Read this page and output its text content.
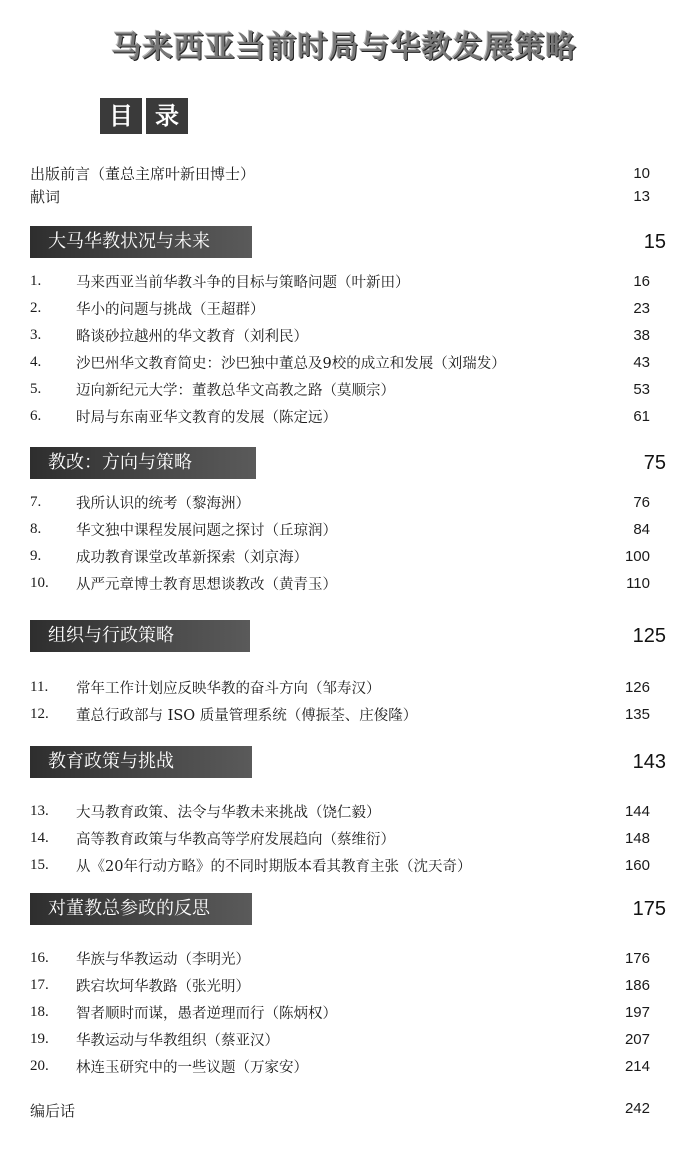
马来西亚当前时局与华教发展策略
目 录
出版前言（董总主席叶新田博士）	10
献词	13
大马华教状况与未来	15
1.	马来西亚当前华教斗争的目标与策略问题（叶新田）	16
2.	华小的问题与挑战（王超群）	23
3.	略谈砂拉越州的华文教育（刘利民）	38
4.	沙巴州华文教育简史：沙巴独中董总及9校的成立和发展（刘瑞发）	43
5.	迈向新纪元大学：董教总华文高教之路（莫顺宗）	53
6.	时局与东南亚华文教育的发展（陈定远）	61
教改：方向与策略	75
7.	我所认识的统考（黎海洲）	76
8.	华文独中课程发展问题之探讨（丘琼润）	84
9.	成功教育课堂改革新探索（刘京海）	100
10.	从严元章博士教育思想谈教改（黄青玉）	110
组织与行政策略	125
11.	常年工作计划应反映华教的奋斗方向（邹寿汉）	126
12.	董总行政部与 ISO 质量管理系统（傅振荃、庄俊隆）	135
教育政策与挑战	143
13.	大马教育政策、法令与华教未来挑战（饶仁毅）	144
14.	高等教育政策与华教高等学府发展趋向（蔡维衍）	148
15.	从《20年行动方略》的不同时期版本看其教育主张（沈天奇）	160
对董教总参政的反思	175
16.	华族与华教运动（李明光）	176
17.	跌宕坎坷华教路（张光明）	186
18.	智者顺时而谋，愚者逆理而行（陈炳权）	197
19.	华教运动与华教组织（蔡亚汉）	207
20.	林连玉研究中的一些议题（万家安）	214
编后话	242
